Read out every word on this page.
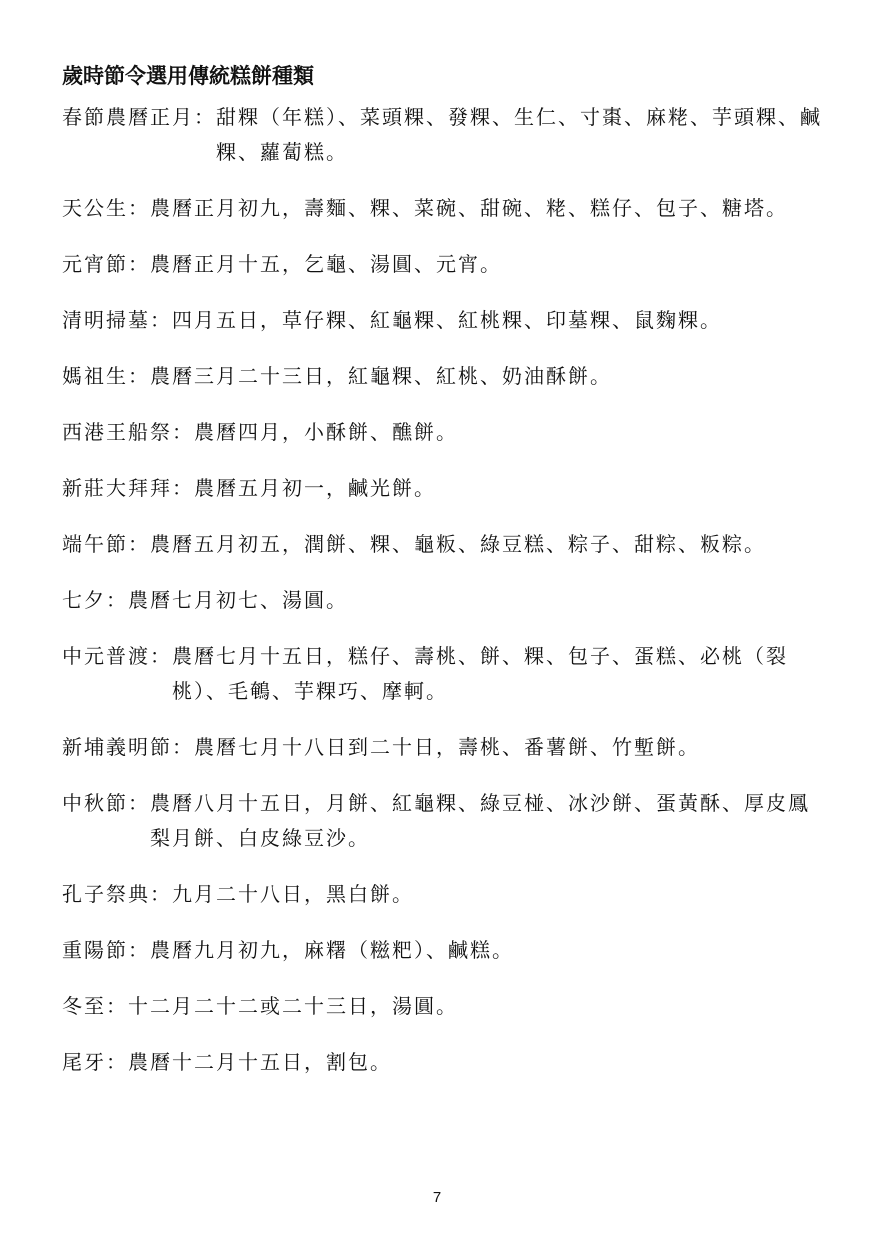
歲時節令選用傳統糕餅種類
春節農曆正月： 甜粿（年糕）、菜頭粿、發粿、生仁、寸棗、麻粩、芋頭粿、鹹粿、蘿蔔糕。
天公生： 農曆正月初九，壽麵、粿、菜碗、甜碗、粩、糕仔、包子、糖塔。
元宵節： 農曆正月十五，乞龜、湯圓、元宵。
清明掃墓： 四月五日，草仔粿、紅龜粿、紅桃粿、印墓粿、鼠麴粿。
媽祖生： 農曆三月二十三日，紅龜粿、紅桃、奶油酥餅。
西港王船祭： 農曆四月，小酥餅、醮餅。
新莊大拜拜： 農曆五月初一，鹹光餅。
端午節： 農曆五月初五，潤餅、粿、龜粄、綠豆糕、粽子、甜粽、粄粽。
七夕： 農曆七月初七、湯圓。
中元普渡： 農曆七月十五日，糕仔、壽桃、餅、粿、包子、蛋糕、必桃（裂桃）、毛鵪、芋粿巧、摩軻。
新埔義明節： 農曆七月十八日到二十日，壽桃、番薯餅、竹塹餅。
中秋節： 農曆八月十五日，月餅、紅龜粿、綠豆椪、冰沙餅、蛋黃酥、厚皮鳳梨月餅、白皮綠豆沙。
孔子祭典： 九月二十八日，黑白餅。
重陽節： 農曆九月初九，麻糬（糍粑）、鹹糕。
冬至： 十二月二十二或二十三日，湯圓。
尾牙： 農曆十二月十五日，割包。
7
